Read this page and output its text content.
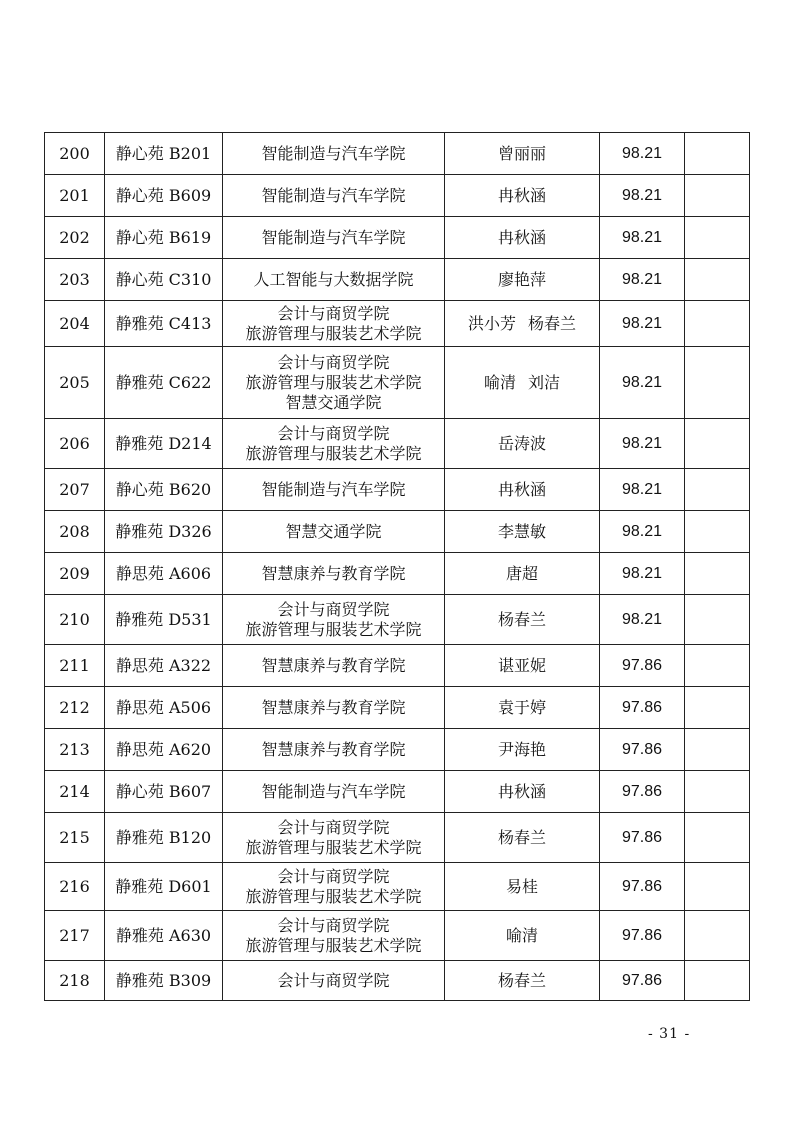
200	静心苑 B201	智能制造与汽车学院	曾丽丽	98.21	
201	静心苑 B609	智能制造与汽车学院	冉秋涵	98.21	
202	静心苑 B619	智能制造与汽车学院	冉秋涵	98.21	
203	静心苑 C310	人工智能与大数据学院	廖艳萍	98.21	
204	静雅苑 C413	会计与商贸学院
旅游管理与服装艺术学院	洪小芳 杨春兰	98.21	
205	静雅苑 C622	会计与商贸学院
旅游管理与服装艺术学院
智慧交通学院	喻清 刘洁	98.21	
206	静雅苑 D214	会计与商贸学院
旅游管理与服装艺术学院	岳涛波	98.21	
207	静心苑 B620	智能制造与汽车学院	冉秋涵	98.21	
208	静雅苑 D326	智慧交通学院	李慧敏	98.21	
209	静思苑 A606	智慧康养与教育学院	唐超	98.21	
210	静雅苑 D531	会计与商贸学院
旅游管理与服装艺术学院	杨春兰	98.21	
211	静思苑 A322	智慧康养与教育学院	谌亚妮	97.86	
212	静思苑 A506	智慧康养与教育学院	袁于婷	97.86	
213	静思苑 A620	智慧康养与教育学院	尹海艳	97.86	
214	静心苑 B607	智能制造与汽车学院	冉秋涵	97.86	
215	静雅苑 B120	会计与商贸学院
旅游管理与服装艺术学院	杨春兰	97.86	
216	静雅苑 D601	会计与商贸学院
旅游管理与服装艺术学院	易桂	97.86	
217	静雅苑 A630	会计与商贸学院
旅游管理与服装艺术学院	喻清	97.86	
218	静雅苑 B309	会计与商贸学院	杨春兰	97.86	
- 31 -
